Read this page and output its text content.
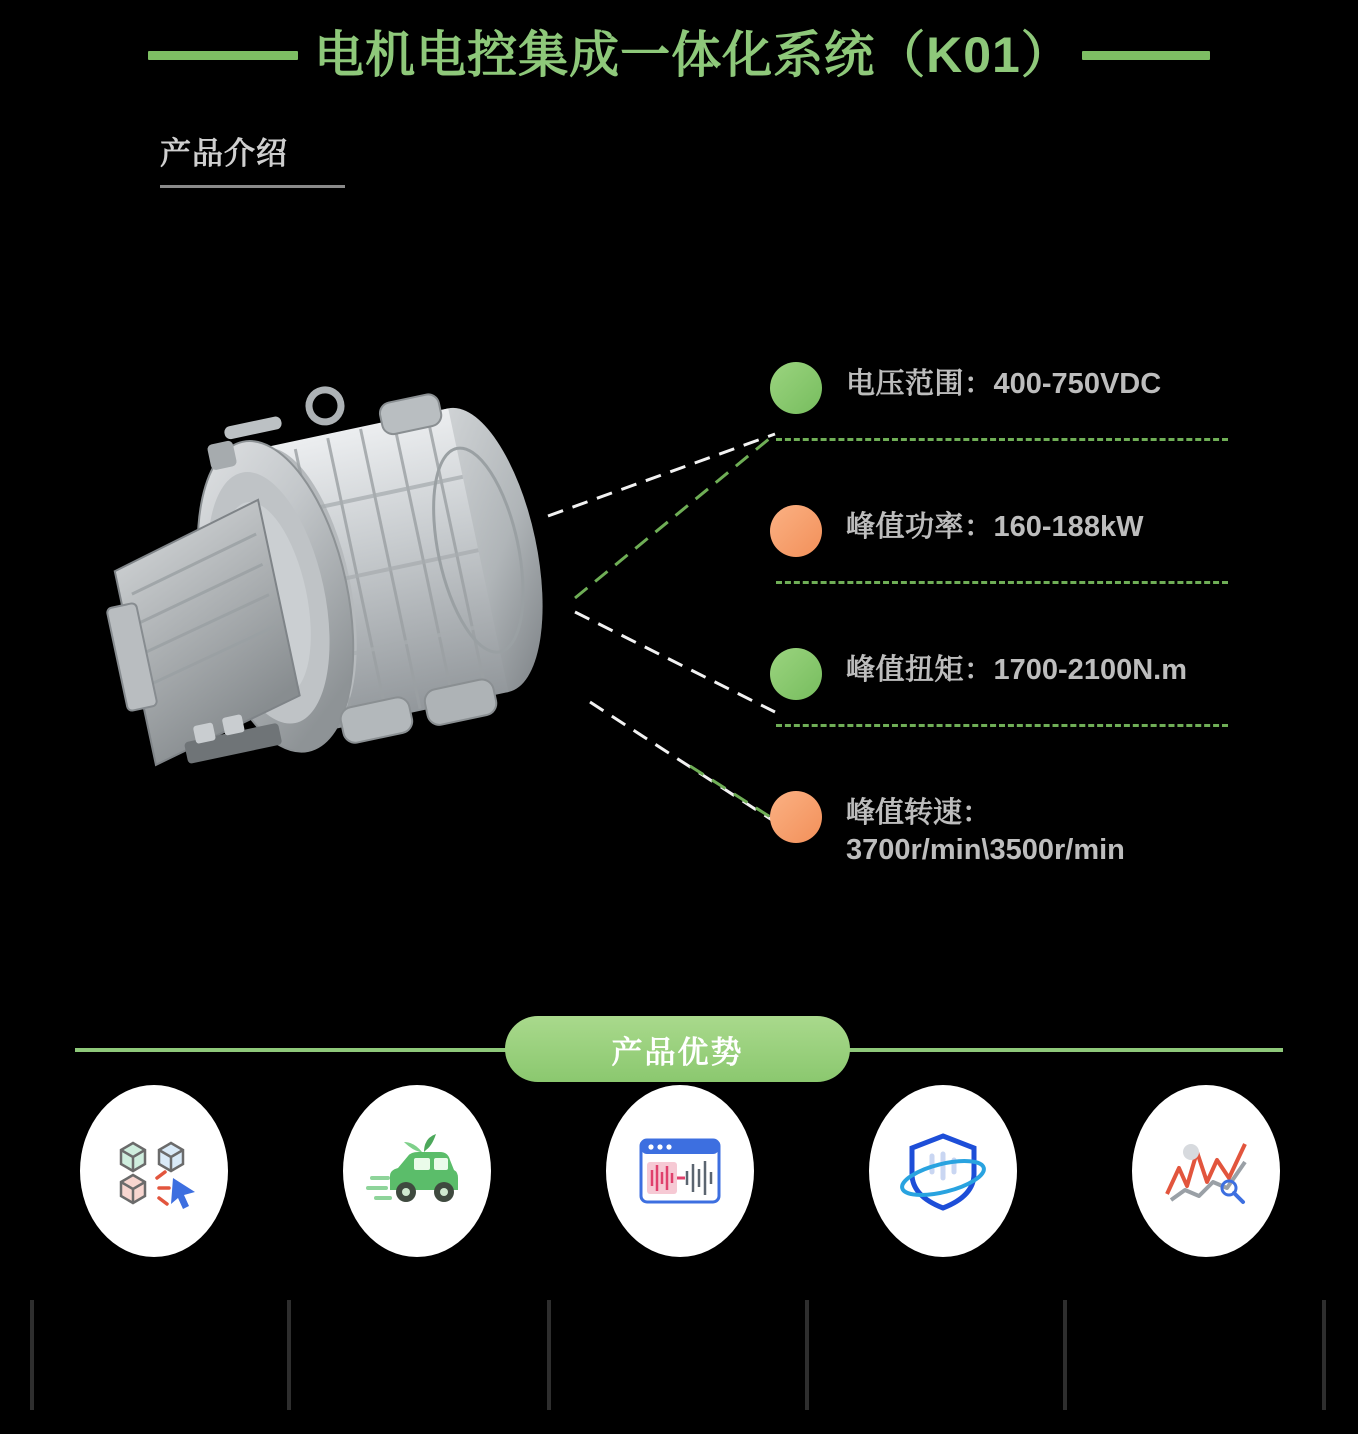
电机电控集成一体化系统（K01）
产品介绍
电压范围：400-750VDC
峰值功率：160-188kW
峰值扭矩：1700-2100N.m
峰值转速：
3700r/min\3500r/min
产品优势
